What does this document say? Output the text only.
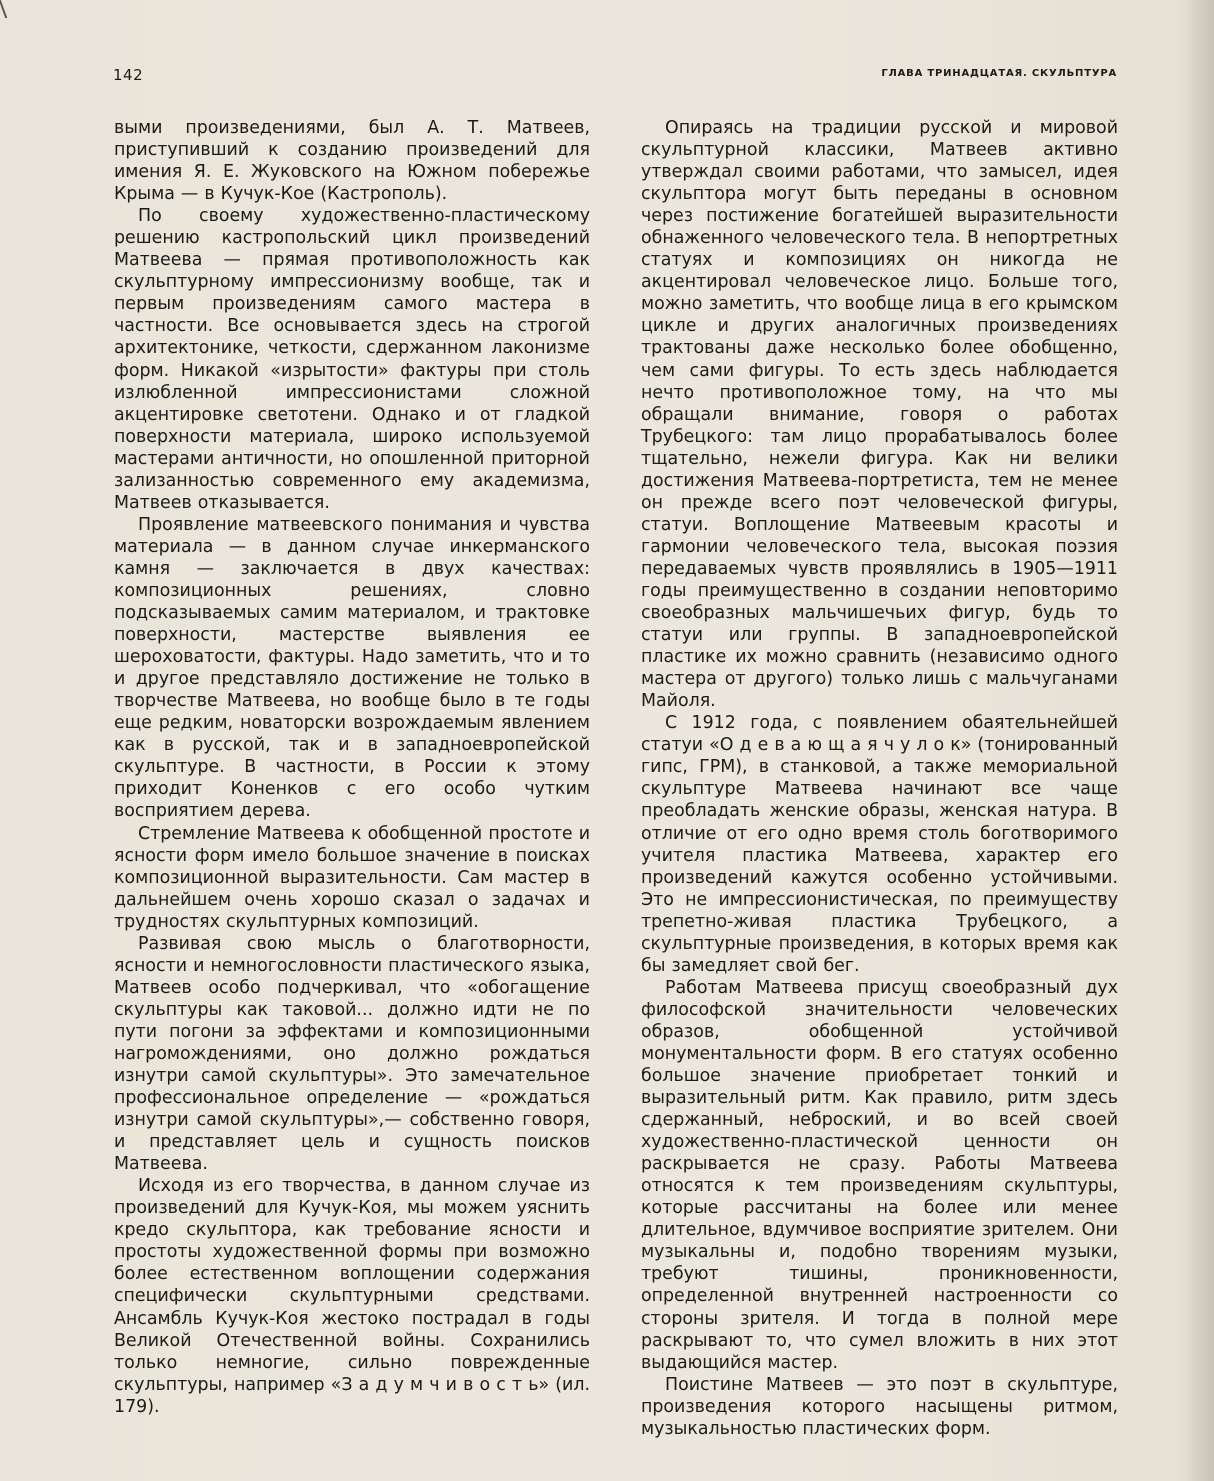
142	ГЛАВА ТРИНАДЦАТАЯ. СКУЛЬПТУРА

выми произведениями, был А. Т. Матвеев, приступивший к созданию произведений для имения Я. Е. Жуковского на Южном побережье Крыма — в Кучук-Кое (Кастрополь).

По своему художественно-пластическому решению кастропольский цикл произведений Матвеева — прямая противоположность как скульптурному импрессионизму вообще, так и первым произведениям самого мастера в частности. Все основывается здесь на строгой архитектонике, четкости, сдержанном лаконизме форм. Никакой «изрытости» фактуры при столь излюбленной импрессионистами сложной акцентировке светотени. Однако и от гладкой поверхности материала, широко используемой мастерами античности, но опошленной приторной зализанностью современного ему академизма, Матвеев отказывается.

Проявление матвеевского понимания и чувства материала — в данном случае инкерманского камня — заключается в двух качествах: композиционных решениях, словно подсказываемых самим материалом, и трактовке поверхности, мастерстве выявления ее шероховатости, фактуры. Надо заметить, что и то и другое представляло достижение не только в творчестве Матвеева, но вообще было в те годы еще редким, новаторски возрождаемым явлением как в русской, так и в западноевропейской скульптуре. В частности, в России к этому приходит Коненков с его особо чутким восприятием дерева.

Стремление Матвеева к обобщенной простоте и ясности форм имело большое значение в поисках композиционной выразительности. Сам мастер в дальнейшем очень хорошо сказал о задачах и трудностях скульптурных композиций.

Развивая свою мысль о благотворности, ясности и немногословности пластического языка, Матвеев особо подчеркивал, что «обогащение скульптуры как таковой... должно идти не по пути погони за эффектами и композиционными нагромождениями, оно должно рождаться изнутри самой скульптуры». Это замечательное профессиональное определение — «рождаться изнутри самой скульптуры»,— собственно говоря, и представляет цель и сущность поисков Матвеева.

Исходя из его творчества, в данном случае из произведений для Кучук-Коя, мы можем уяснить кредо скульптора, как требование ясности и простоты художественной формы при возможно более естественном воплощении содержания специфически скульптурными средствами. Ансамбль Кучук-Коя жестоко пострадал в годы Великой Отечественной войны. Сохранились только немногие, сильно поврежденные скульптуры, например «З а д у м ч и в о с т ь» (ил. 179).

Опираясь на традиции русской и мировой скульптурной классики, Матвеев активно утверждал своими работами, что замысел, идея скульптора могут быть переданы в основном через постижение богатейшей выразительности обнаженного человеческого тела. В непортретных статуях и композициях он никогда не акцентировал человеческое лицо. Больше того, можно заметить, что вообще лица в его крымском цикле и других аналогичных произведениях трактованы даже несколько более обобщенно, чем сами фигуры. То есть здесь наблюдается нечто противоположное тому, на что мы обращали внимание, говоря о работах Трубецкого: там лицо прорабатывалось более тщательно, нежели фигура. Как ни велики достижения Матвеева-портретиста, тем не менее он прежде всего поэт человеческой фигуры, статуи. Воплощение Матвеевым красоты и гармонии человеческого тела, высокая поэзия передаваемых чувств проявлялись в 1905—1911 годы преимущественно в создании неповторимо своеобразных мальчишечьих фигур, будь то статуи или группы. В западноевропейской пластике их можно сравнить (независимо одного мастера от другого) только лишь с мальчуганами Майоля.

С 1912 года, с появлением обаятельнейшей статуи «О д е в а ю щ а я ч у л о к» (тонированный гипс, ГРМ), в станковой, а также мемориальной скульптуре Матвеева начинают все чаще преобладать женские образы, женская натура. В отличие от его одно время столь боготворимого учителя пластика Матвеева, характер его произведений кажутся особенно устойчивыми. Это не импрессионистическая, по преимуществу трепетно-живая пластика Трубецкого, а скульптурные произведения, в которых время как бы замедляет свой бег.

Работам Матвеева присущ своеобразный дух философской значительности человеческих образов, обобщенной устойчивой монументальности форм. В его статуях особенно большое значение приобретает тонкий и выразительный ритм. Как правило, ритм здесь сдержанный, неброский, и во всей своей художественно-пластической ценности он раскрывается не сразу. Работы Матвеева относятся к тем произведениям скульптуры, которые рассчитаны на более или менее длительное, вдумчивое восприятие зрителем. Они музыкальны и, подобно творениям музыки, требуют тишины, проникновенности, определенной внутренней настроенности со стороны зрителя. И тогда в полной мере раскрывают то, что сумел вложить в них этот выдающийся мастер.

Поистине Матвеев — это поэт в скульптуре, произведения которого насыщены ритмом, музыкальностью пластических форм.
